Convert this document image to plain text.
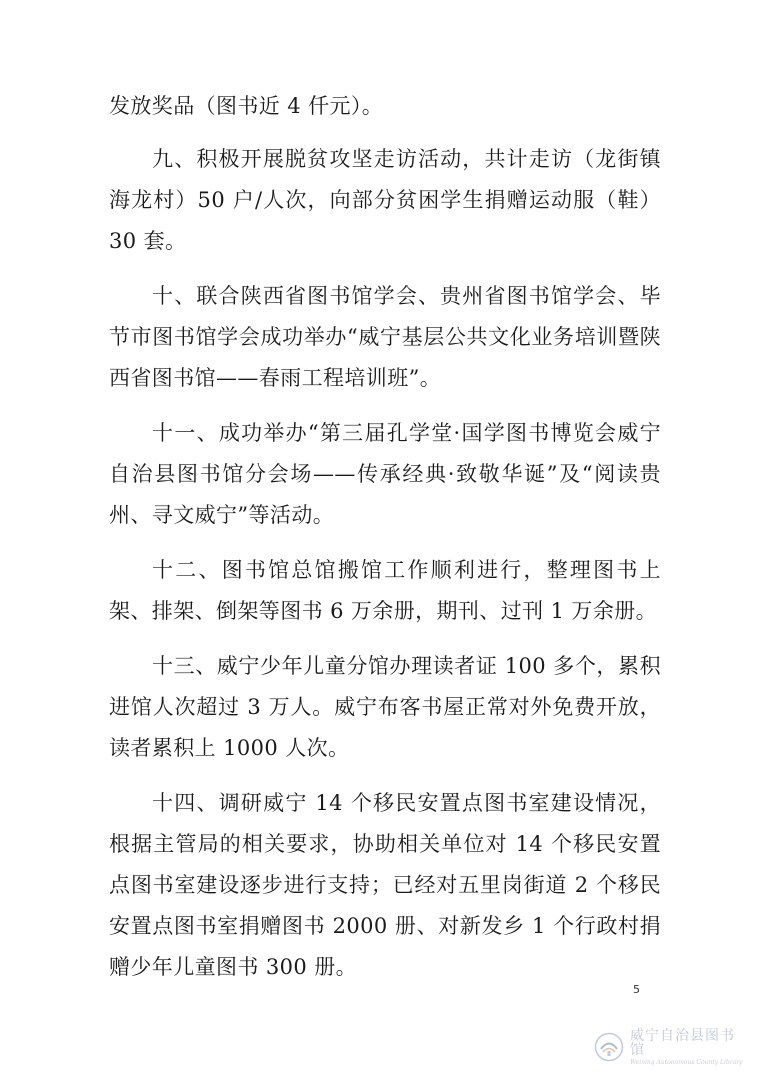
发放奖品（图书近 4 仟元）。

九、积极开展脱贫攻坚走访活动，共计走访（龙街镇海龙村）50 户/人次，向部分贫困学生捐赠运动服（鞋）30 套。

十、联合陕西省图书馆学会、贵州省图书馆学会、毕节市图书馆学会成功举办“威宁基层公共文化业务培训暨陕西省图书馆——春雨工程培训班”。

十一、成功举办“第三届孔学堂·国学图书博览会威宁自治县图书馆分会场——传承经典·致敬华诞”及“阅读贵州、寻文威宁”等活动。

十二、图书馆总馆搬馆工作顺利进行，整理图书上架、排架、倒架等图书 6 万余册，期刊、过刊 1 万余册。

十三、威宁少年儿童分馆办理读者证 100 多个，累积进馆人次超过 3 万人。威宁布客书屋正常对外免费开放，读者累积上 1000 人次。

十四、调研威宁 14 个移民安置点图书室建设情况，根据主管局的相关要求，协助相关单位对 14 个移民安置点图书室建设逐步进行支持；已经对五里岗街道 2 个移民安置点图书室捐赠图书 2000 册、对新发乡 1 个行政村捐赠少年儿童图书 300 册。

5
威宁自治县图书馆
Weining Autonomous County Library
